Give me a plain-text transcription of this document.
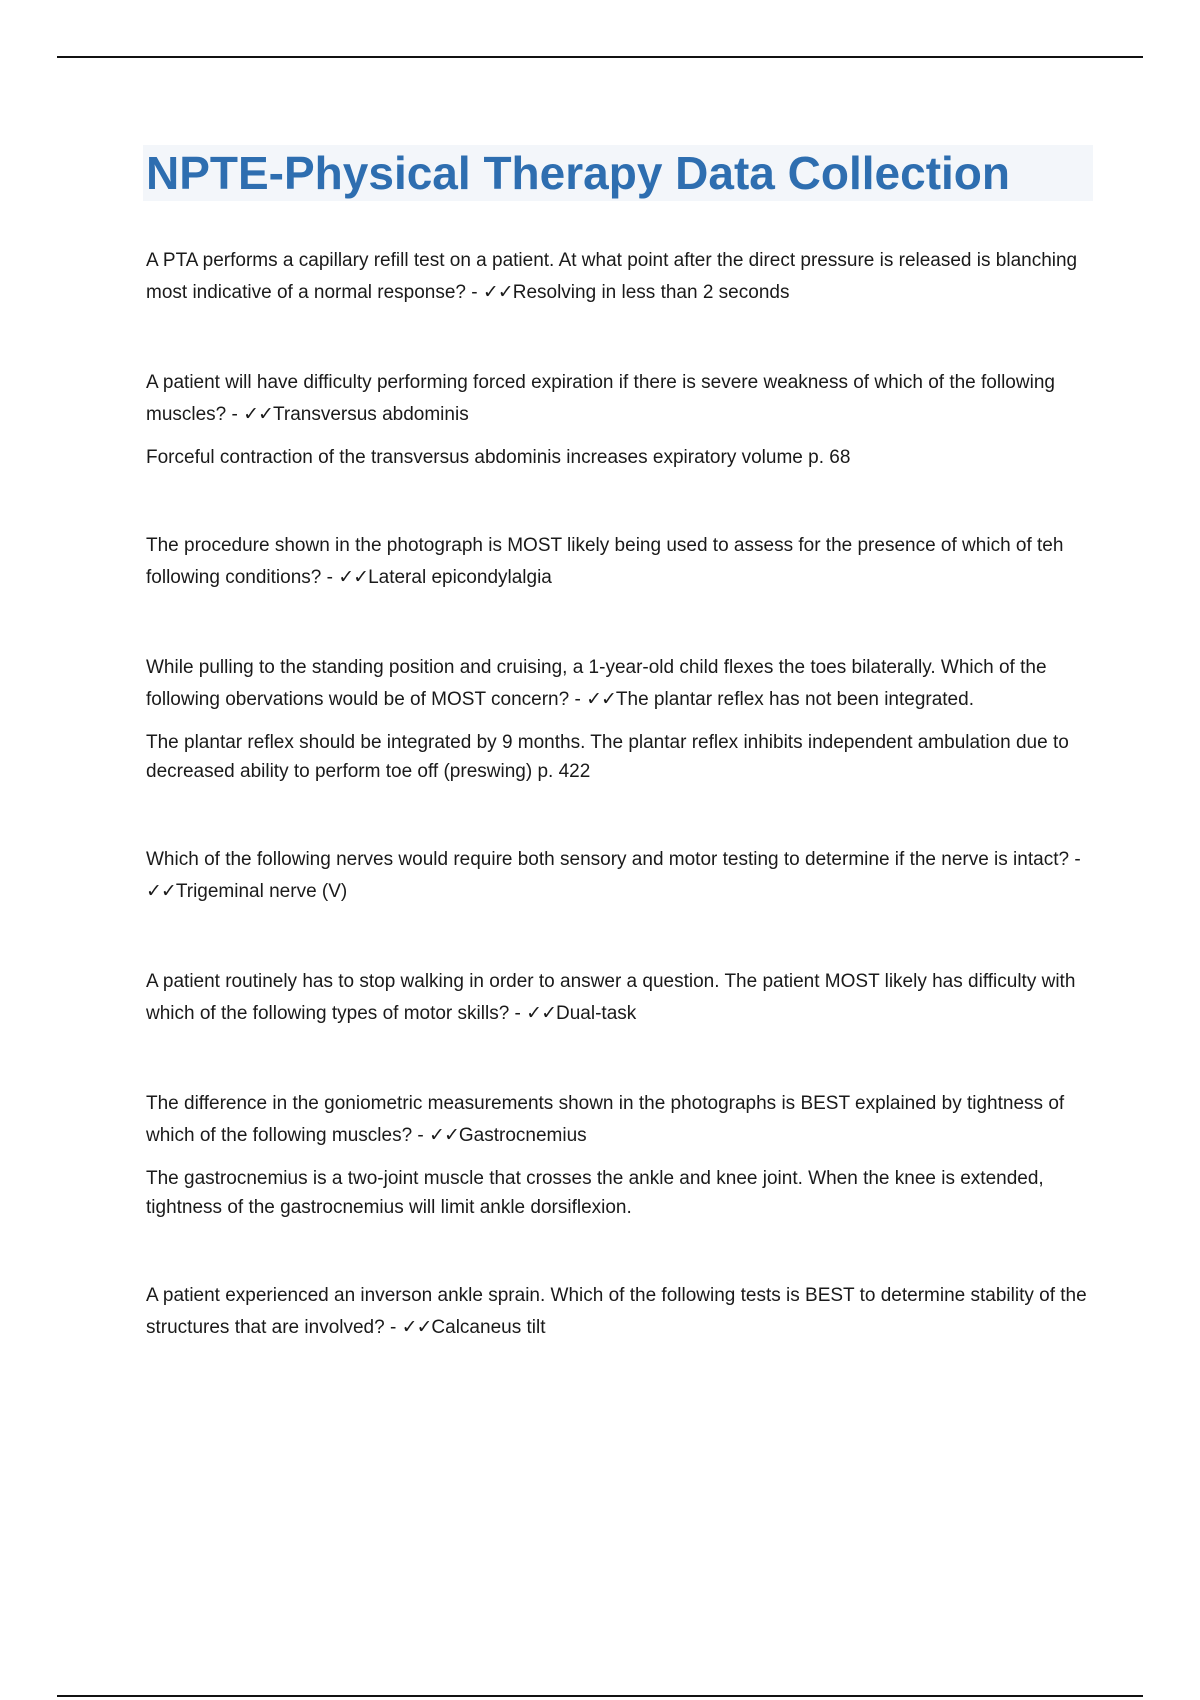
NPTE-Physical Therapy Data Collection

A PTA performs a capillary refill test on a patient. At what point after the direct pressure is released is blanching most indicative of a normal response? - ✓✓Resolving in less than 2 seconds

A patient will have difficulty performing forced expiration if there is severe weakness of which of the following muscles? - ✓✓Transversus abdominis

Forceful contraction of the transversus abdominis increases expiratory volume p. 68

The procedure shown in the photograph is MOST likely being used to assess for the presence of which of teh following conditions? - ✓✓Lateral epicondylalgia

While pulling to the standing position and cruising, a 1-year-old child flexes the toes bilaterally. Which of the following obervations would be of MOST concern? - ✓✓The plantar reflex has not been integrated.

The plantar reflex should be integrated by 9 months. The plantar reflex inhibits independent ambulation due to decreased ability to perform toe off (preswing) p. 422

Which of the following nerves would require both sensory and motor testing to determine if the nerve is intact? - ✓✓Trigeminal nerve (V)

A patient routinely has to stop walking in order to answer a question. The patient MOST likely has difficulty with which of the following types of motor skills? - ✓✓Dual-task

The difference in the goniometric measurements shown in the photographs is BEST explained by tightness of which of the following muscles? - ✓✓Gastrocnemius

The gastrocnemius is a two-joint muscle that crosses the ankle and knee joint. When the knee is extended, tightness of the gastrocnemius will limit ankle dorsiflexion.

A patient experienced an inverson ankle sprain. Which of the following tests is BEST to determine stability of the structures that are involved? - ✓✓Calcaneus tilt
